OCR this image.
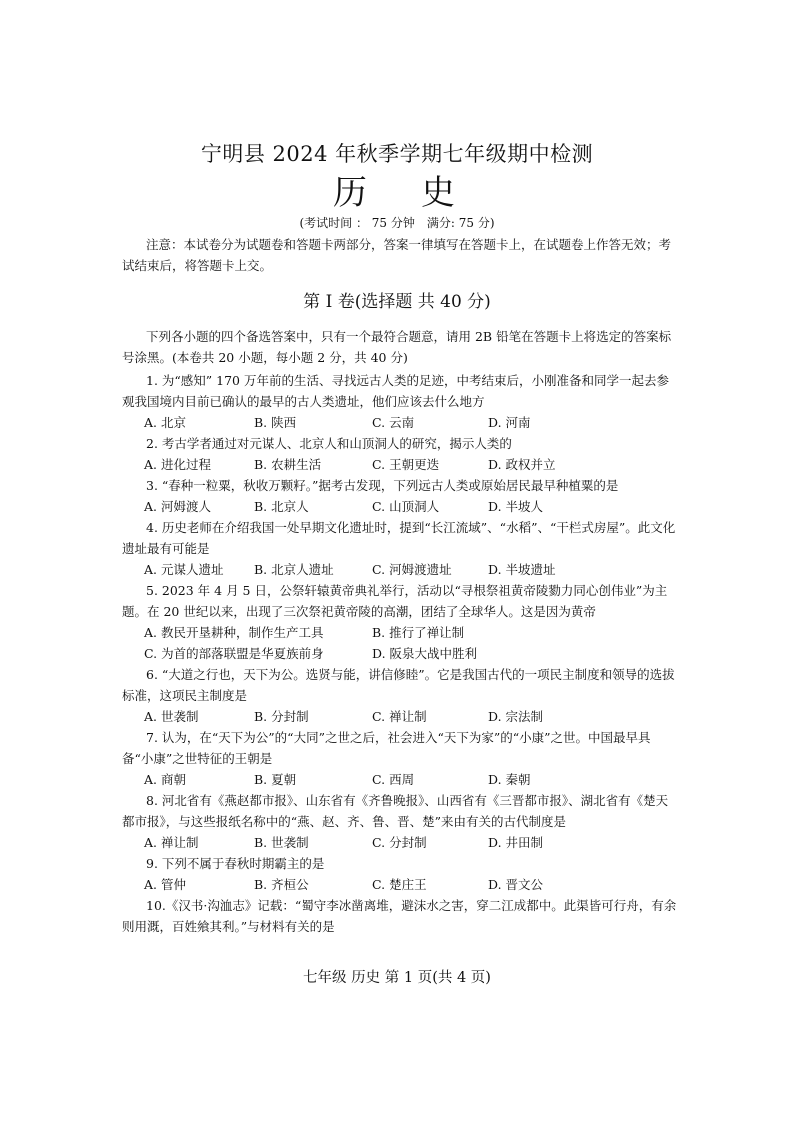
宁明县 2024 年秋季学期七年级期中检测
历 史
(考试时间 ： 75 分钟　满分: 75 分)
注意：本试卷分为试题卷和答题卡两部分，答案一律填写在答题卡上，在试题卷上作答无效；考试结束后，将答题卡上交。
第 I 卷(选择题 共 40 分)
下列各小题的四个备选答案中，只有一个最符合题意，请用 2B 铅笔在答题卡上将选定的答案标号涂黑。(本卷共 20 小题，每小题 2 分，共 40 分)
1. 为“感知” 170 万年前的生活、寻找远古人类的足迹，中考结束后，小刚准备和同学一起去参观我国境内目前已确认的最早的古人类遗址，他们应该去什么地方
A. 北京	B. 陕西	C. 云南	D. 河南
2. 考古学者通过对元谋人、北京人和山顶洞人的研究，揭示人类的
A. 进化过程	B. 农耕生活	C. 王朝更迭	D. 政权并立
3. “春种一粒粟，秋收万颗籽。”据考古发现，下列远古人类或原始居民最早种植粟的是
A. 河姆渡人	B. 北京人	C. 山顶洞人	D. 半坡人
4. 历史老师在介绍我国一处早期文化遗址时，提到“长江流域”、“水稻”、“干栏式房屋”。此文化遗址最有可能是
A. 元谋人遗址 B. 北京人遗址	C. 河姆渡遗址	D. 半坡遗址
5. 2023 年 4 月 5 日，公祭轩辕黄帝典礼举行，活动以“寻根祭祖黄帝陵勠力同心创伟业”为主题。在 20 世纪以来，出现了三次祭祀黄帝陵的高潮，团结了全球华人。这是因为黄帝
A. 教民开垦耕种，制作生产工具	B. 推行了禅让制
C. 为首的部落联盟是华夏族前身	D. 阪泉大战中胜利
6. “大道之行也，天下为公。选贤与能，讲信修睦”。它是我国古代的一项民主制度和领导的选拔标准，这项民主制度是
A. 世袭制	B. 分封制	C. 禅让制	D. 宗法制
7. 认为，在“天下为公”的“大同”之世之后，社会进入“天下为家”的“小康”之世。中国最早具备“小康”之世特征的王朝是
A. 商朝	B. 夏朝	C. 西周	D. 秦朝
8. 河北省有《燕赵都市报》、山东省有《齐鲁晚报》、山西省有《三晋都市报》、湖北省有《楚天都市报》，与这些报纸名称中的“燕、赵、齐、鲁、晋、楚”来由有关的古代制度是
A. 禅让制	B. 世袭制	C. 分封制	D. 井田制
9. 下列不属于春秋时期霸主的是
A. 管仲	B. 齐桓公	C. 楚庄王	D. 晋文公
10.《汉书·沟洫志》记载：“蜀守李冰凿离堆，避沫水之害，穿二江成都中。此渠皆可行舟，有余则用溉，百姓飨其利。”与材料有关的是
七年级 历史 第 1 页(共 4 页)
